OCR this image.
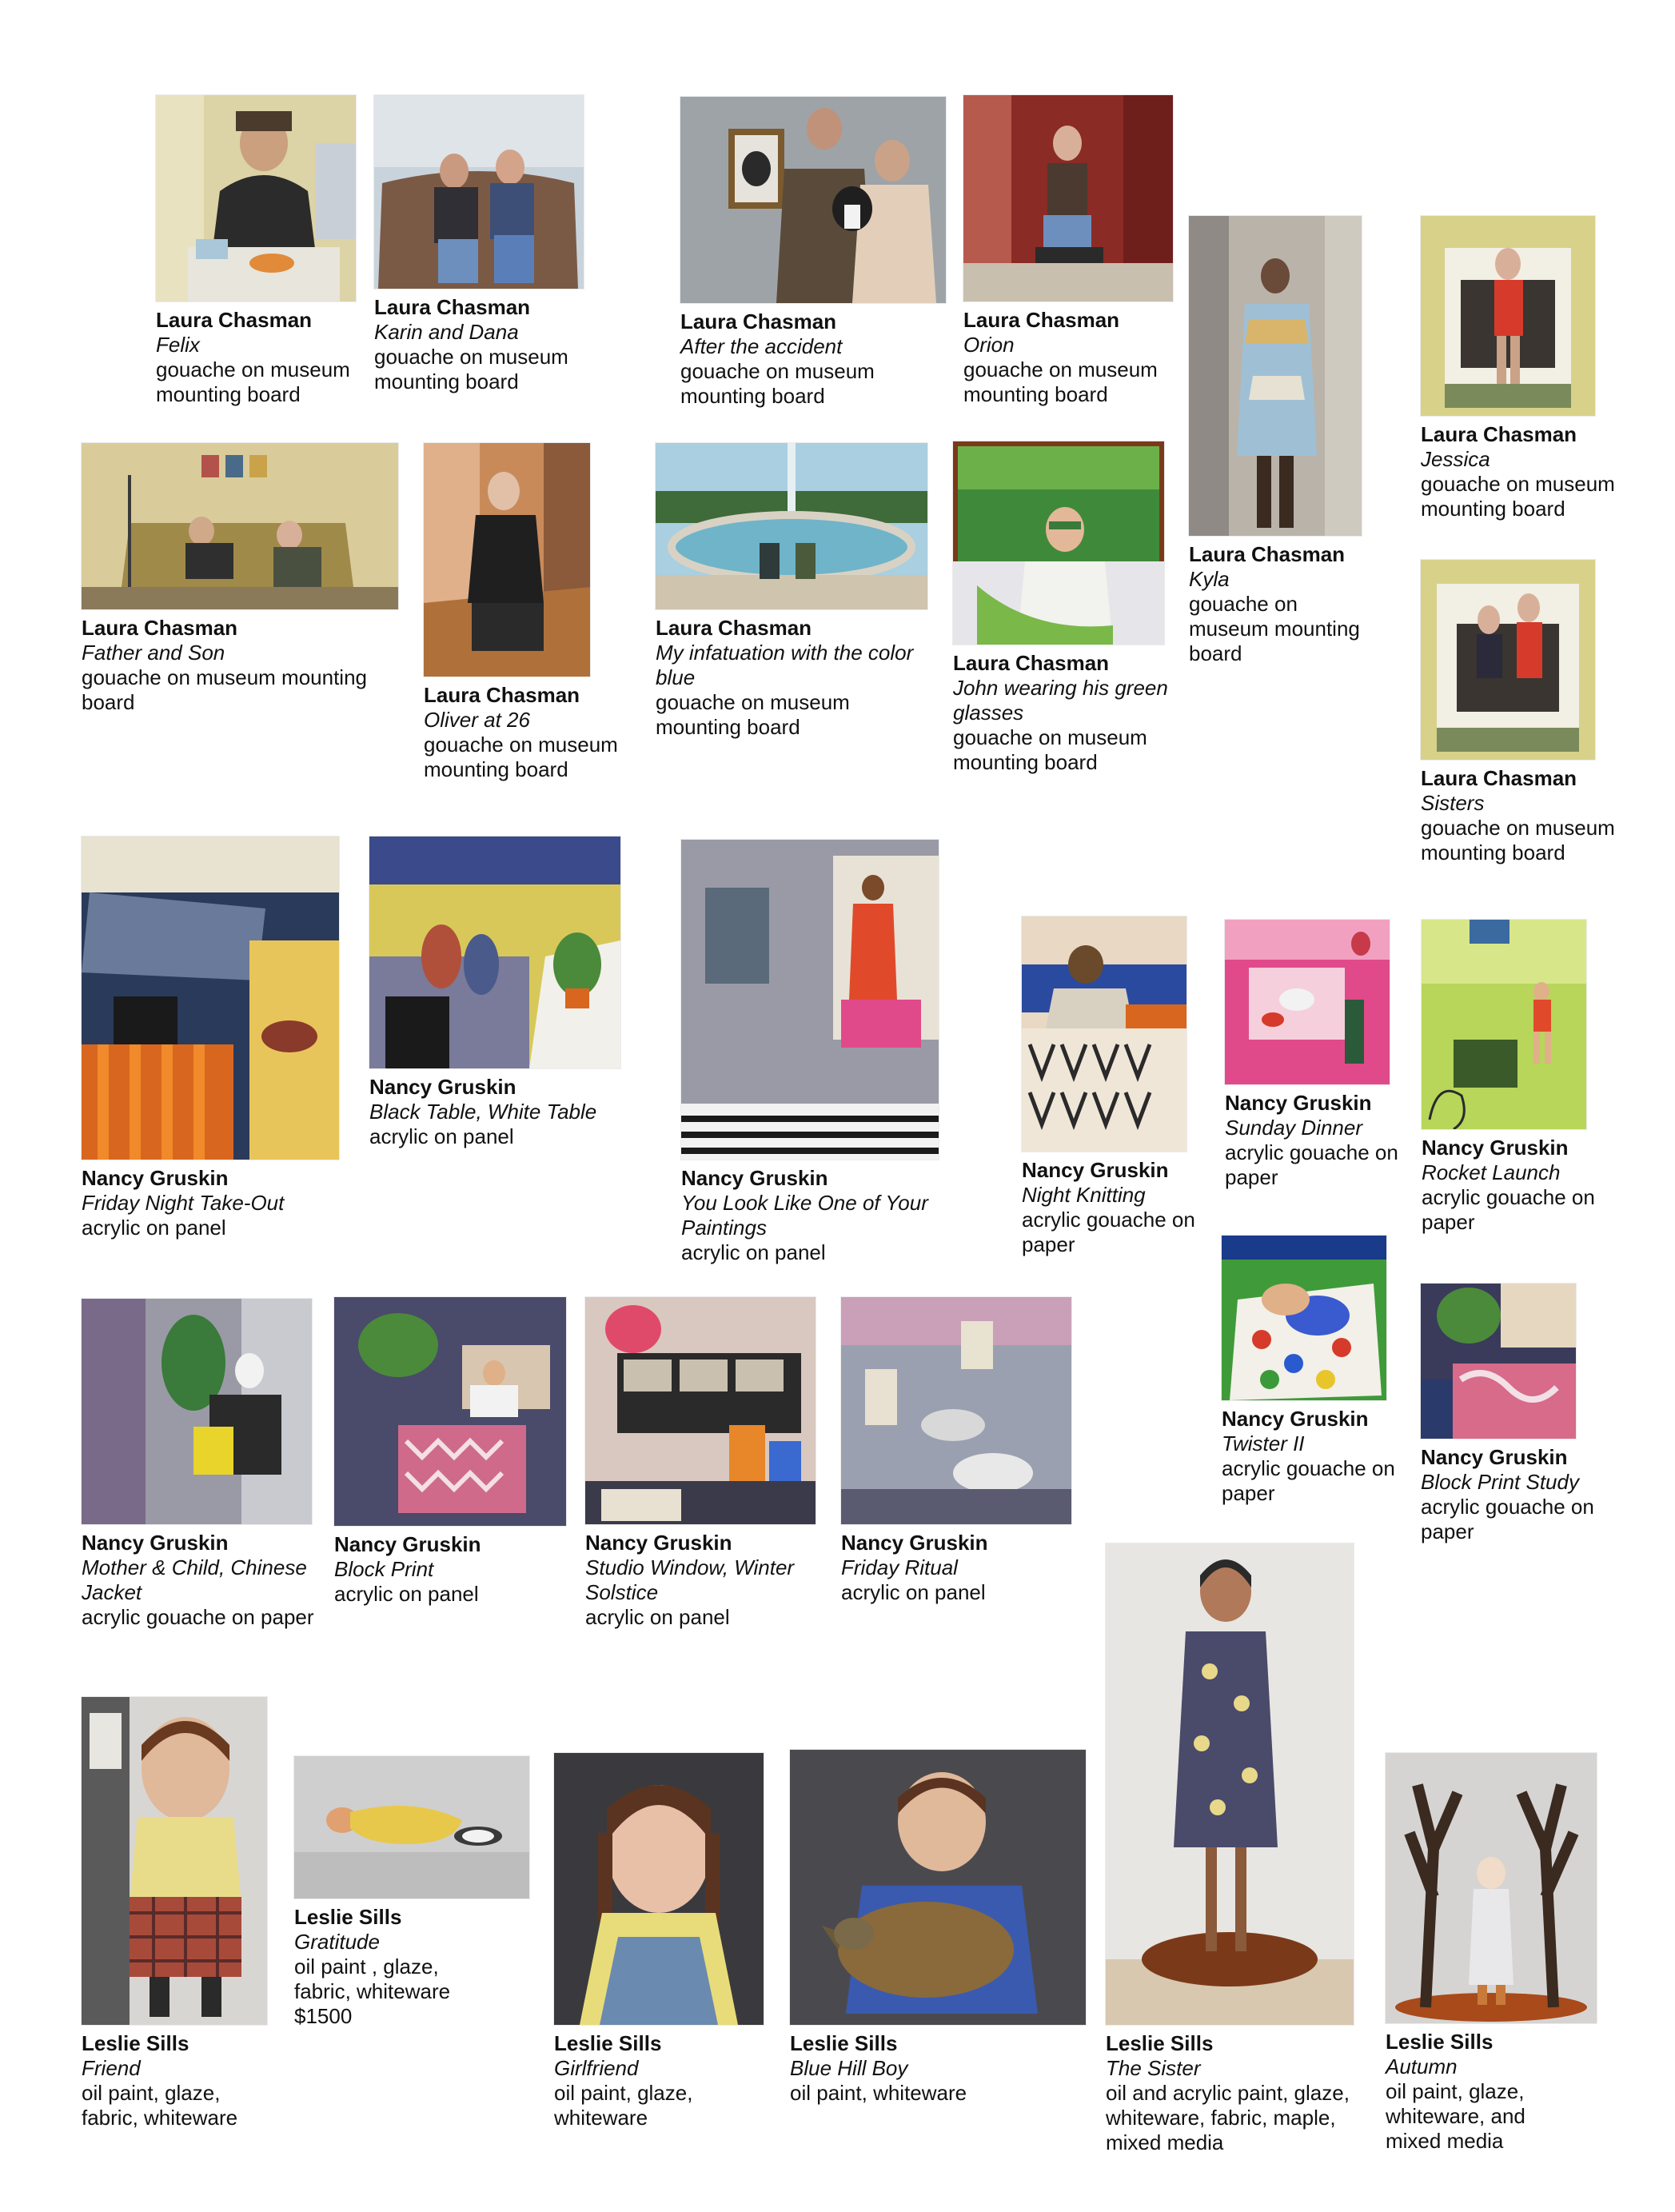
Laura Chasman
Felix
gouache on museum mounting board
Laura Chasman
Karin and Dana
gouache on museum mounting board
Laura Chasman
After the accident
gouache on museum mounting board
Laura Chasman
Orion
gouache on museum mounting board
Laura Chasman
Kyla
gouache on museum mounting board
Laura Chasman
Jessica
gouache on museum mounting board
Laura Chasman
Father and Son
gouache on museum mounting board	Laura Chasman
Oliver at 26
gouache on museum mounting board
Laura Chasman
My infatuation with the color blue
gouache on museum mounting board
Laura Chasman
John wearing his green glasses
gouache on museum mounting board
Laura Chasman
Sisters
gouache on museum mounting board
Nancy Gruskin
Friday Night Take-Out
acrylic on panel
Nancy Gruskin
Black Table, White Table
acrylic on panel
Nancy Gruskin
You Look Like One of Your Paintings
acrylic on panel
Nancy Gruskin
Night Knitting
acrylic gouache on paper
Nancy Gruskin
Sunday Dinner
acrylic gouache on paper
Nancy Gruskin
Rocket Launch
acrylic gouache on paper
Nancy Gruskin
Twister II
acrylic gouache on paper
Nancy Gruskin
Block Print Study
acrylic gouache on paper
Nancy Gruskin
Mother & Child, Chinese Jacket
acrylic gouache on paper
Nancy Gruskin
Block Print
acrylic on panel
Nancy Gruskin
Studio Window, Winter Solstice
acrylic on panel
Nancy Gruskin
Friday Ritual
acrylic on panel
Leslie Sills
Friend
oil paint, glaze, fabric, whiteware
Leslie Sills
Gratitude
oil paint , glaze, fabric, whiteware
$1500
Leslie Sills
Girlfriend
oil paint, glaze, whiteware
Leslie Sills
Blue Hill Boy
oil paint, whiteware
Leslie Sills
The Sister
oil and acrylic paint, glaze, whiteware, fabric, maple, mixed media
Leslie Sills
Autumn
oil paint, glaze, whiteware, and mixed media
